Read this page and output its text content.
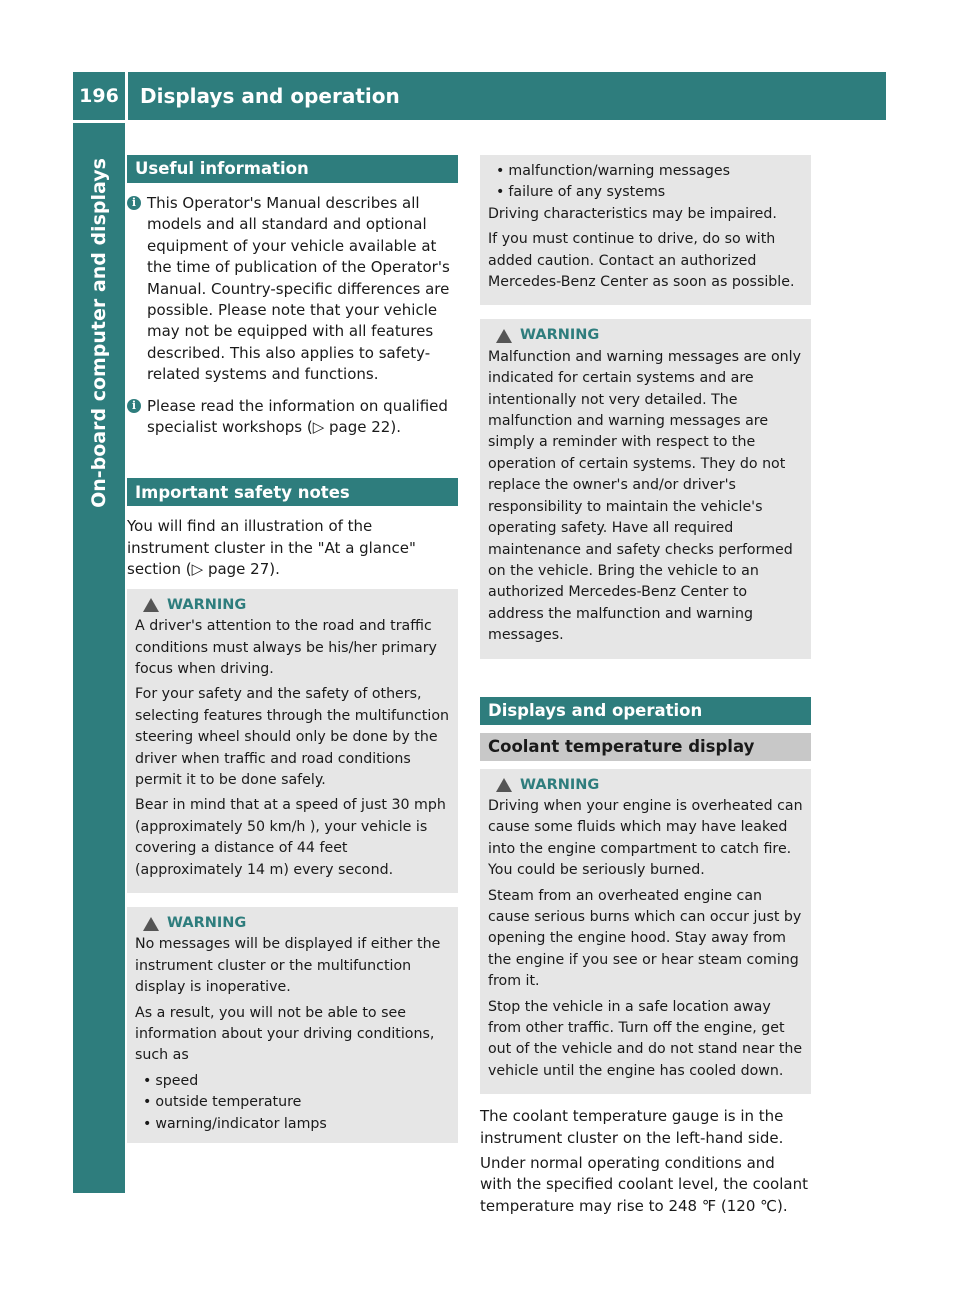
196	Displays and operation
On-board computer and displays	Useful information
i This Operator's Manual describes all models and all standard and optional equipment of your vehicle available at the time of publication of the Operator's Manual. Country-specific differences are possible. Please note that your vehicle may not be equipped with all features described. This also applies to safety-related systems and functions.

i Please read the information on qualified specialist workshops (▷ page 22).

Important safety notes

You will find an illustration of the instrument cluster in the "At a glance" section (▷ page 27).

WARNING

A driver's attention to the road and traffic conditions must always be his/her primary focus when driving.

For your safety and the safety of others, selecting features through the multifunction steering wheel should only be done by the driver when traffic and road conditions permit it to be done safely.

Bear in mind that at a speed of just 30 mph (approximately 50 km/h ), your vehicle is covering a distance of 44 feet (approximately 14 m) every second.

WARNING

No messages will be displayed if either the instrument cluster or the multifunction display is inoperative.

As a result, you will not be able to see information about your driving conditions, such as

• speed
• outside temperature
• warning/indicator lamps
• malfunction/warning messages
• failure of any systems

Driving characteristics may be impaired.

If you must continue to drive, do so with added caution. Contact an authorized Mercedes-Benz Center as soon as possible.

WARNING

Malfunction and warning messages are only indicated for certain systems and are intentionally not very detailed. The malfunction and warning messages are simply a reminder with respect to the operation of certain systems. They do not replace the owner's and/or driver's responsibility to maintain the vehicle's operating safety. Have all required maintenance and safety checks performed on the vehicle. Bring the vehicle to an authorized Mercedes-Benz Center to address the malfunction and warning messages.

Displays and operation
Coolant temperature display
WARNING

Driving when your engine is overheated can cause some fluids which may have leaked into the engine compartment to catch fire. You could be seriously burned.

Steam from an overheated engine can cause serious burns which can occur just by opening the engine hood. Stay away from the engine if you see or hear steam coming from it.

Stop the vehicle in a safe location away from other traffic. Turn off the engine, get out of the vehicle and do not stand near the vehicle until the engine has cooled down.

The coolant temperature gauge is in the instrument cluster on the left-hand side.

Under normal operating conditions and with the specified coolant level, the coolant temperature may rise to 248 ℉ (120 ℃).
